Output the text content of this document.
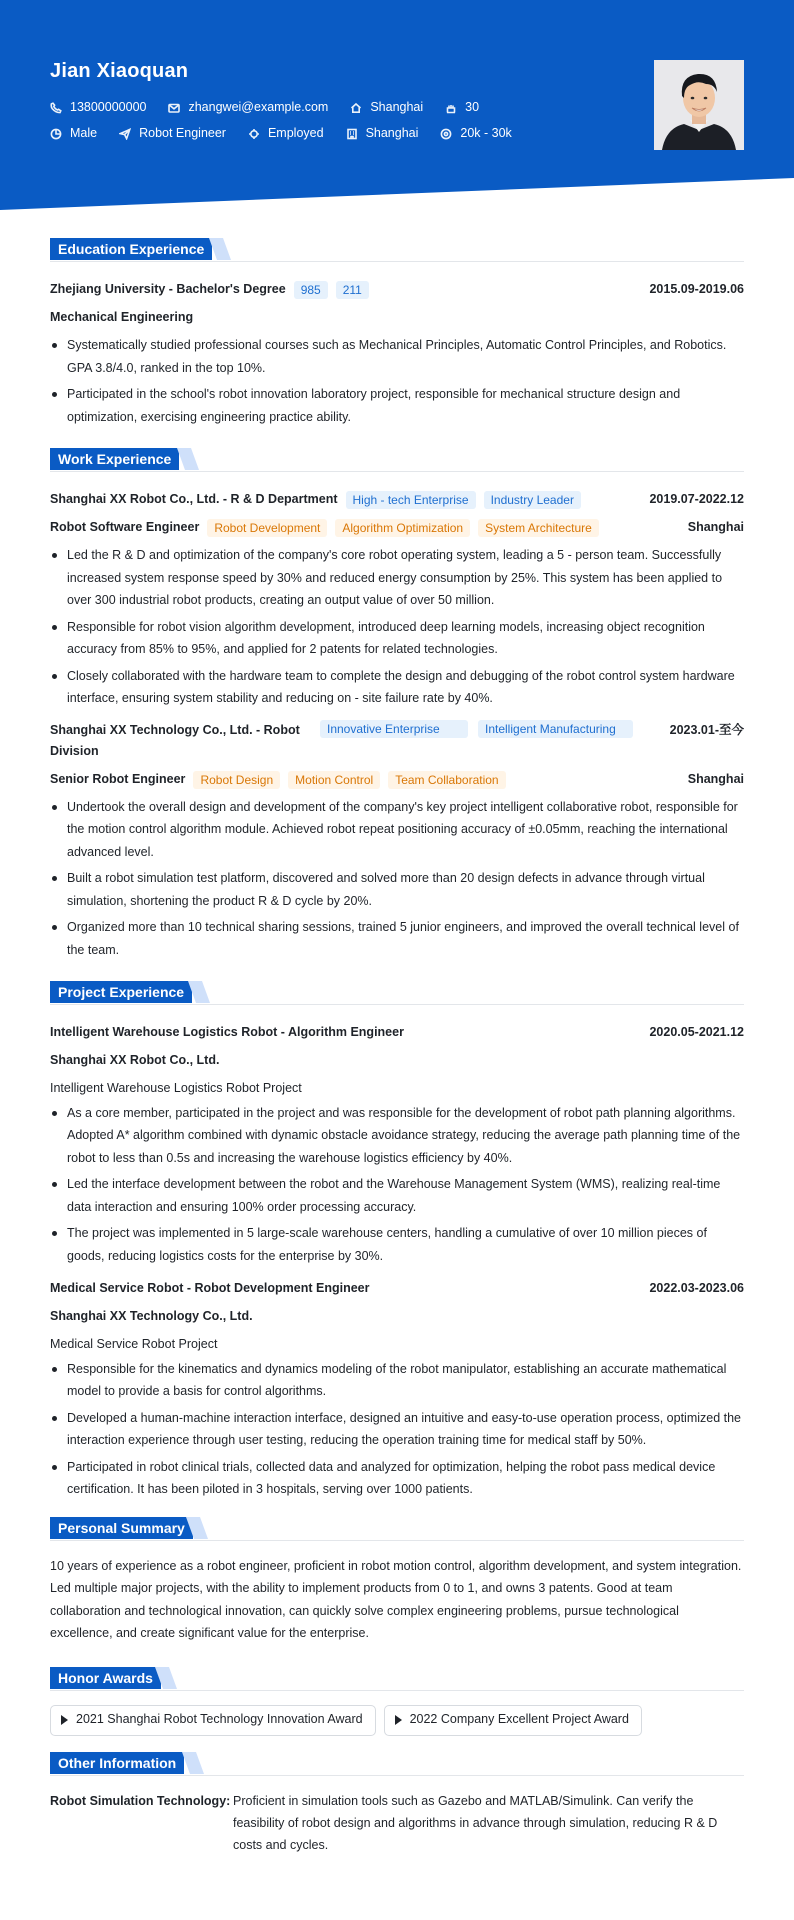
Jian Xiaoquan
13800000000	zhangwei@example.com	Shanghai	30
Male	Robot Engineer	Employed	Shanghai	20k - 30k
Education Experience
Zhejiang University - Bachelor's Degree	985	211	2015.09-2019.06
Mechanical Engineering
Systematically studied professional courses such as Mechanical Principles, Automatic Control Principles, and Robotics. GPA 3.8/4.0, ranked in the top 10%.
Participated in the school's robot innovation laboratory project, responsible for mechanical structure design and optimization, exercising engineering practice ability.
Work Experience
Shanghai XX Robot Co., Ltd. - R & D Department	High - tech Enterprise	Industry Leader	2019.07-2022.12
Robot Software Engineer	Robot Development	Algorithm Optimization	System Architecture	Shanghai
Led the R & D and optimization of the company's core robot operating system, leading a 5 - person team. Successfully increased system response speed by 30% and reduced energy consumption by 25%. This system has been applied to over 300 industrial robot products, creating an output value of over 50 million.
Responsible for robot vision algorithm development, introduced deep learning models, increasing object recognition accuracy from 85% to 95%, and applied for 2 patents for related technologies.
Closely collaborated with the hardware team to complete the design and debugging of the robot control system hardware interface, ensuring system stability and reducing on - site failure rate by 40%.
Shanghai XX Technology Co., Ltd. - Robot Division
Innovative Enterprise	Intelligent Manufacturing	2023.01-至今
Senior Robot Engineer	Robot Design	Motion Control	Team Collaboration	Shanghai
Undertook the overall design and development of the company's key project intelligent collaborative robot, responsible for the motion control algorithm module. Achieved robot repeat positioning accuracy of ±0.05mm, reaching the international advanced level.
Built a robot simulation test platform, discovered and solved more than 20 design defects in advance through virtual simulation, shortening the product R & D cycle by 20%.
Organized more than 10 technical sharing sessions, trained 5 junior engineers, and improved the overall technical level of the team.
Project Experience
Intelligent Warehouse Logistics Robot - Algorithm Engineer	2020.05-2021.12
Shanghai XX Robot Co., Ltd.
Intelligent Warehouse Logistics Robot Project
As a core member, participated in the project and was responsible for the development of robot path planning algorithms. Adopted A* algorithm combined with dynamic obstacle avoidance strategy, reducing the average path planning time of the robot to less than 0.5s and increasing the warehouse logistics efficiency by 40%.
Led the interface development between the robot and the Warehouse Management System (WMS), realizing real-time data interaction and ensuring 100% order processing accuracy.
The project was implemented in 5 large-scale warehouse centers, handling a cumulative of over 10 million pieces of goods, reducing logistics costs for the enterprise by 30%.
Medical Service Robot - Robot Development Engineer	2022.03-2023.06
Shanghai XX Technology Co., Ltd.
Medical Service Robot Project
Responsible for the kinematics and dynamics modeling of the robot manipulator, establishing an accurate mathematical model to provide a basis for control algorithms.
Developed a human-machine interaction interface, designed an intuitive and easy-to-use operation process, optimized the interaction experience through user testing, reducing the operation training time for medical staff by 50%.
Participated in robot clinical trials, collected data and analyzed for optimization, helping the robot pass medical device certification. It has been piloted in 3 hospitals, serving over 1000 patients.
Personal Summary
10 years of experience as a robot engineer, proficient in robot motion control, algorithm development, and system integration. Led multiple major projects, with the ability to implement products from 0 to 1, and owns 3 patents. Good at team collaboration and technological innovation, can quickly solve complex engineering problems, pursue technological excellence, and create significant value for the enterprise.
Honor Awards
2021 Shanghai Robot Technology Innovation Award	2022 Company Excellent Project Award
Other Information
Robot Simulation Technology: Proficient in simulation tools such as Gazebo and MATLAB/Simulink. Can verify the feasibility of robot design and algorithms in advance through simulation, reducing R & D costs and cycles.
